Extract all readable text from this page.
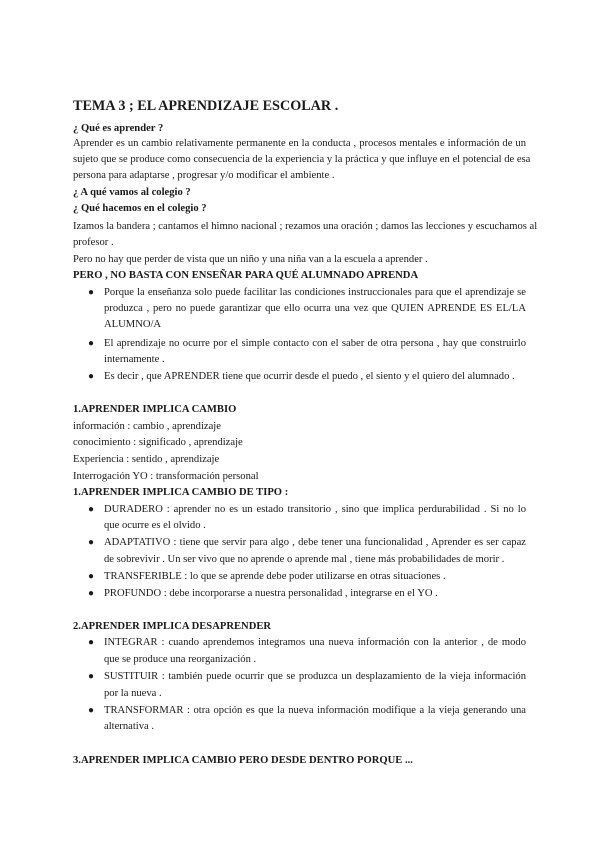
TEMA 3 ; EL APRENDIZAJE ESCOLAR .
¿ Qué es aprender ?
Aprender es un cambio relativamente permanente en la conducta , procesos mentales e información de un
sujeto que se produce como consecuencia de la experiencia y la práctica y que influye en el potencial de esa
persona para adaptarse , progresar y/o modificar el ambiente .
¿ A qué vamos al colegio ?
¿ Qué hacemos en el colegio ?
Izamos la bandera ; cantamos el himno nacional ; rezamos una oración ; damos las lecciones y escuchamos al
profesor .
Pero no hay que perder de vista que un niño y una niña van a la escuela a aprender .
PERO , NO BASTA CON ENSEÑAR PARA QUÉ ALUMNADO APRENDA
● Porque la enseñanza solo puede facilitar las condiciones instruccionales para que el aprendizaje se
produzca , pero no puede garantizar que ello ocurra una vez que QUIEN APRENDE ES EL/LA
ALUMNO/A
● El aprendizaje no ocurre por el simple contacto con el saber de otra persona , hay que construirlo
internamente .
● Es decir , que APRENDER tiene que ocurrir desde el puedo , el siento y el quiero del alumnado .
1.APRENDER IMPLICA CAMBIO
información : cambio , aprendizaje
conocimiento : significado , aprendizaje
Experiencia : sentido , aprendizaje
Interrogación YO : transformación personal
1.APRENDER IMPLICA CAMBIO DE TIPO :
● DURADERO : aprender no es un estado transitorio , sino que implica perdurabilidad . Si no lo
que ocurre es el olvido .
● ADAPTATIVO : tiene que servir para algo , debe tener una funcionalidad , Aprender es ser capaz
de sobrevivir . Un ser vivo que no aprende o aprende mal , tiene más probabilidades de morir .
● TRANSFERIBLE : lo que se aprende debe poder utilizarse en otras situaciones .
● PROFUNDO : debe incorporarse a nuestra personalidad , integrarse en el YO .
2.APRENDER IMPLICA DESAPRENDER
● INTEGRAR : cuando aprendemos integramos una nueva información con la anterior , de modo
que se produce una reorganización .
● SUSTITUIR : también puede ocurrir que se produzca un desplazamiento de la vieja información
por la nueva .
● TRANSFORMAR : otra opción es que la nueva información modifique a la vieja generando una
alternativa .
3.APRENDER IMPLICA CAMBIO PERO DESDE DENTRO PORQUE ...
